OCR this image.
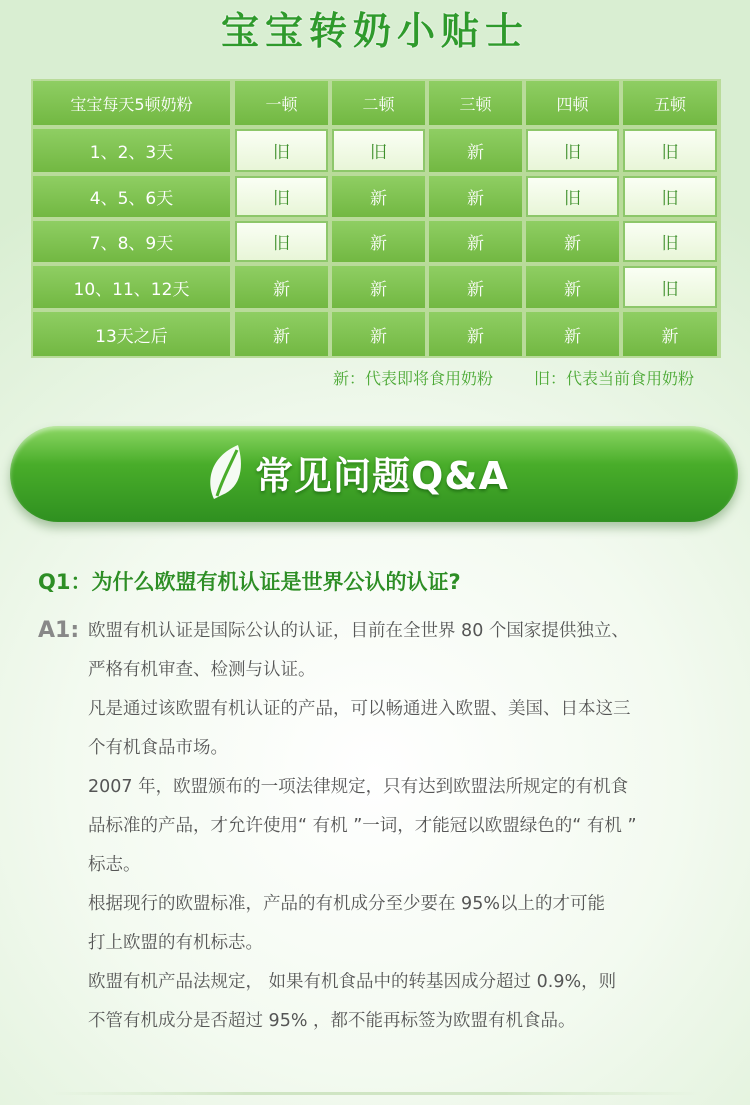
宝宝转奶小贴士
宝宝每天5顿奶粉	一顿	二顿	三顿	四顿	五顿
1、2、3天	旧	旧	新	旧	旧
4、5、6天	旧	新	新	旧	旧
7、8、9天	旧	新	新	新	旧
10、11、12天	新	新	新	新	旧
13天之后	新	新	新	新	新
新：代表即将食用奶粉	旧：代表当前食用奶粉
常见问题Q&A
Q1：为什么欧盟有机认证是世界公认的认证?
A1: 欧盟有机认证是国际公认的认证，目前在全世界 80 个国家提供独立、

严格有机审查、检测与认证。

凡是通过该欧盟有机认证的产品，可以畅通进入欧盟、美国、日本这三

个有机食品市场。

2007 年，欧盟颁布的一项法律规定，只有达到欧盟法所规定的有机食

品标准的产品，才允许使用“ 有机 ”一词，才能冠以欧盟绿色的“ 有机 ”

标志。

根据现行的欧盟标准，产品的有机成分至少要在 95%以上的才可能

打上欧盟的有机标志。

欧盟有机产品法规定， 如果有机食品中的转基因成分超过 0.9%，则

不管有机成分是否超过 95% ，都不能再标签为欧盟有机食品。
